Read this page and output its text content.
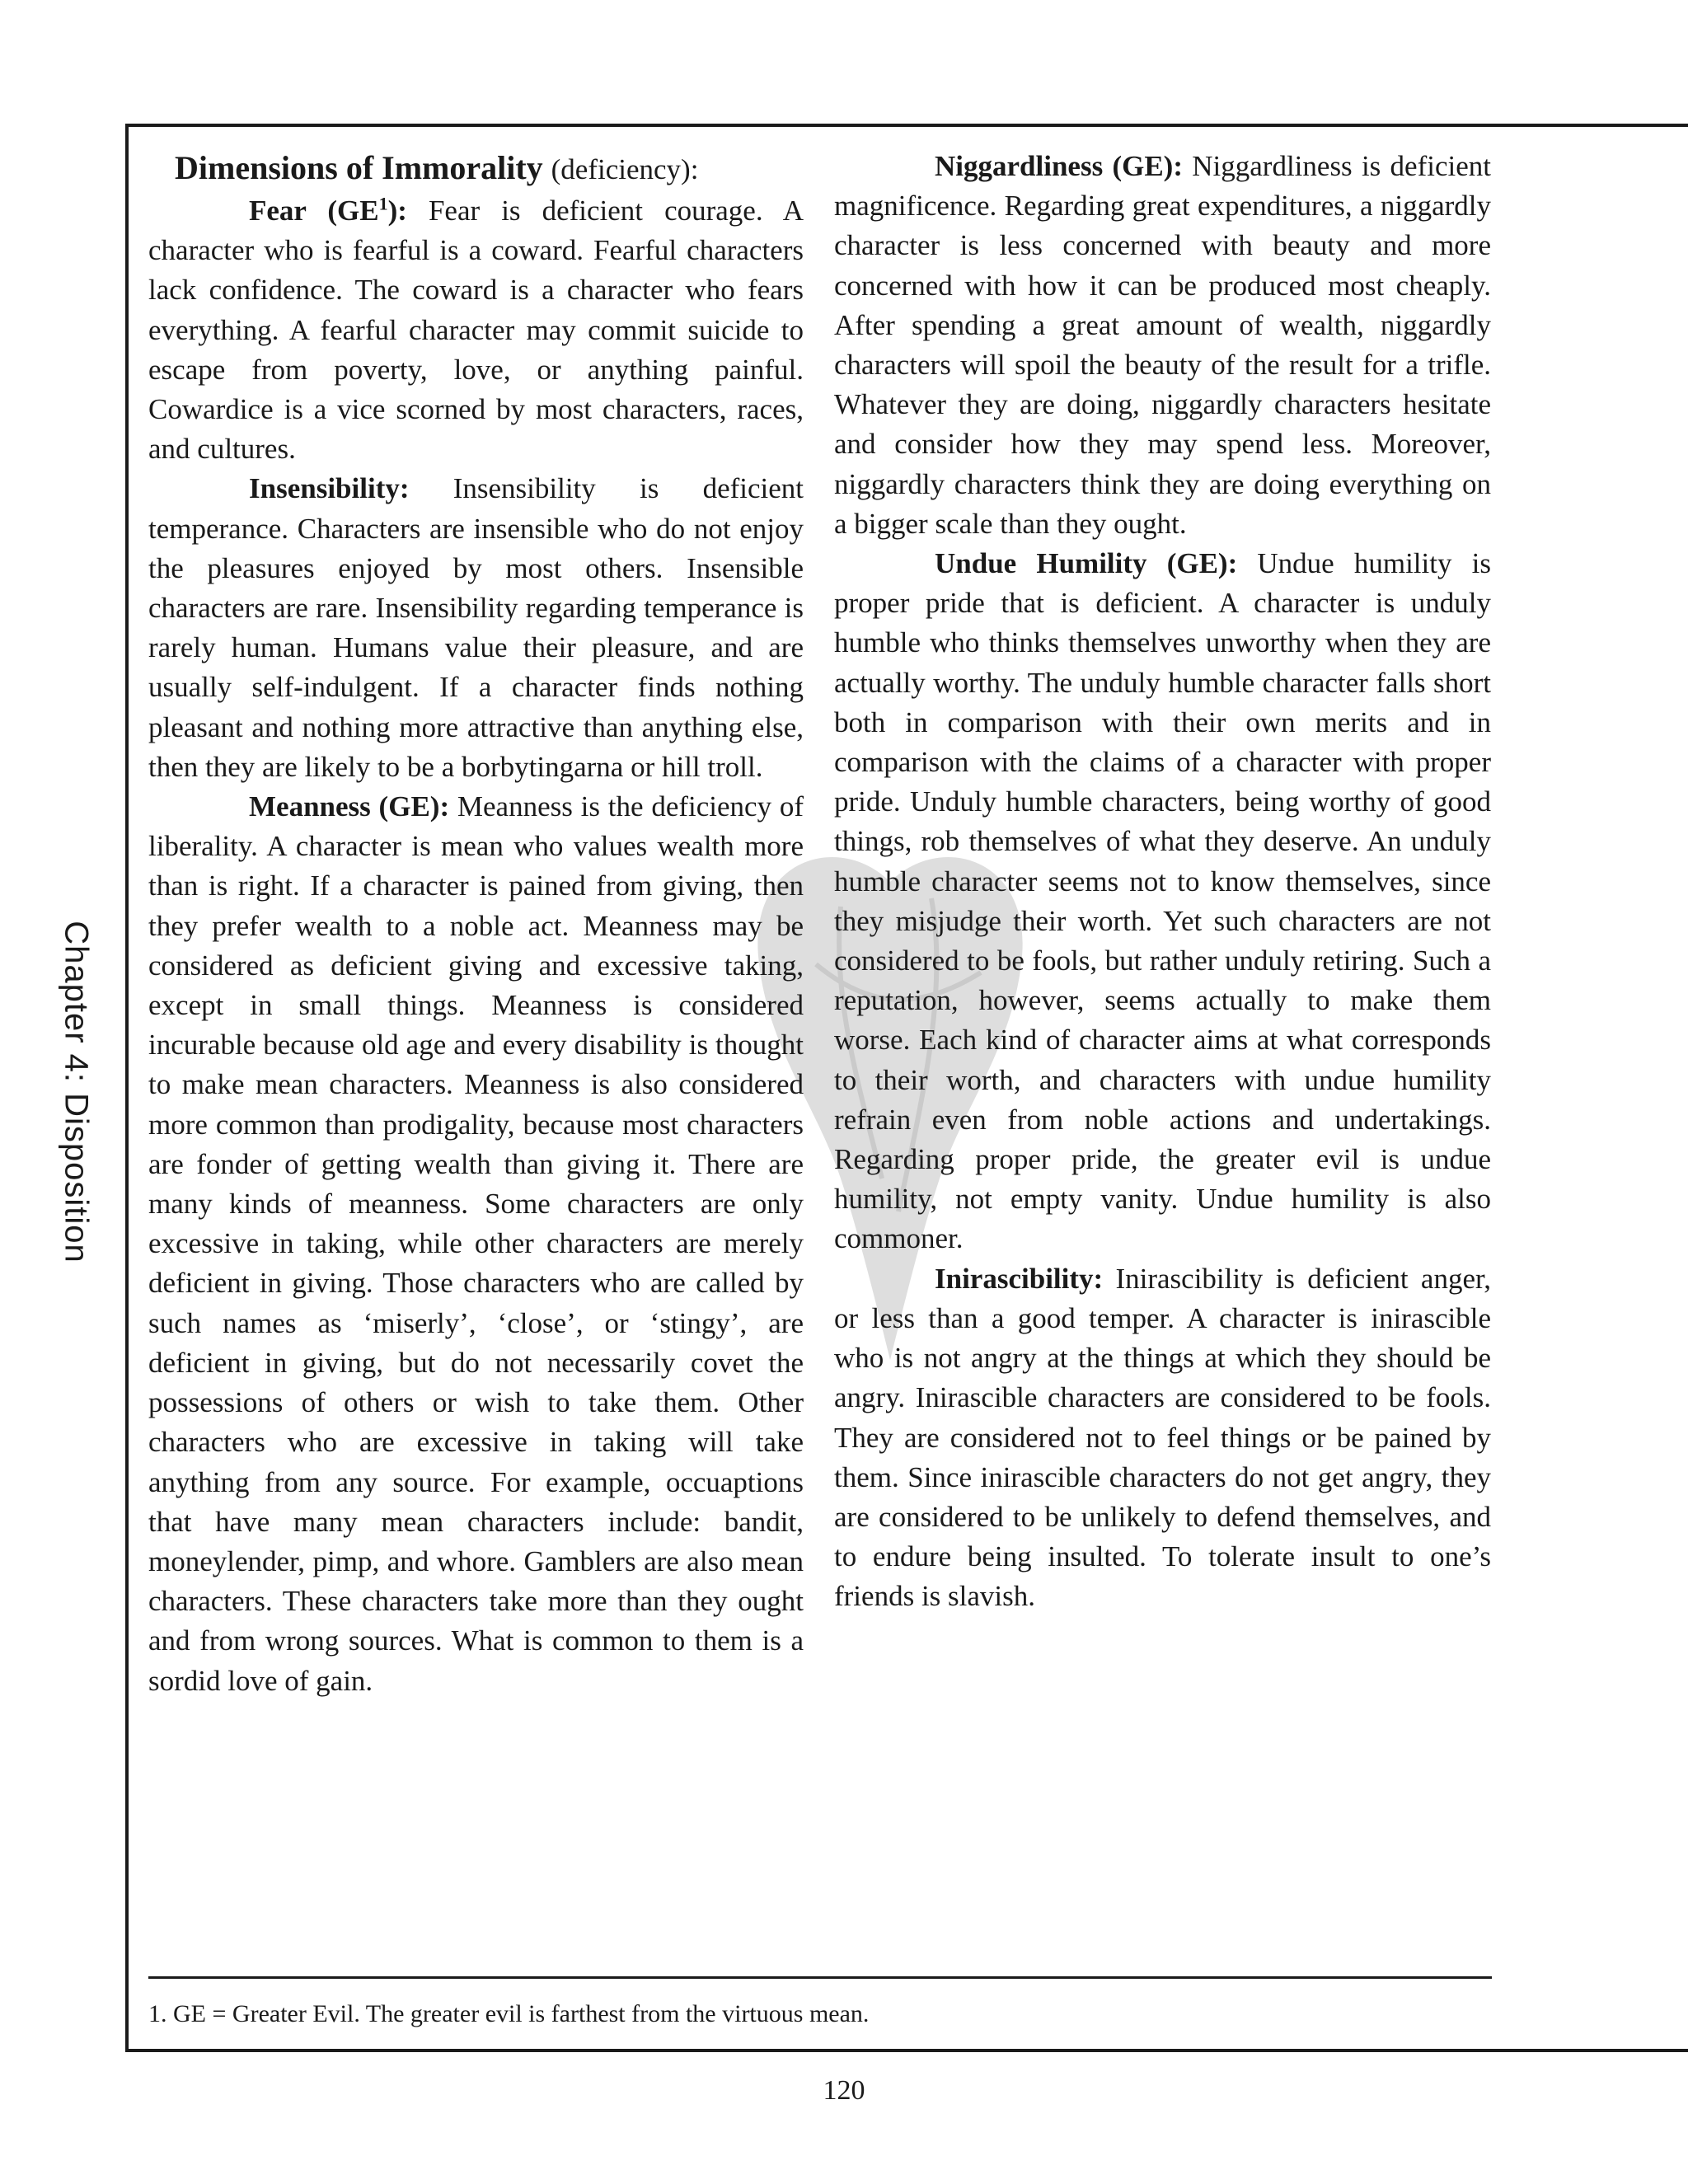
Chapter 4: Disposition
Dimensions of Immorality (deficiency):

Fear $(GE^1)$: Fear is deficient courage. A character who is fearful is a coward. Fearful characters lack confidence. The coward is a character who fears everything. A fearful character may commit suicide to escape from poverty, love, or anything painful. Cowardice is a vice scorned by most characters, races, and cultures.

Insensibility: Insensibility is deficient temperance. Characters are insensible who do not enjoy the pleasures enjoyed by most others. Insensible characters are rare. Insensibility regarding temperance is rarely human. Humans value their pleasure, and are usually self-indulgent. If a character finds nothing pleasant and nothing more attractive than anything else, then they are likely to be a borbytingarna or hill troll.

Meanness (GE): Meanness is the deficiency of liberality. A character is mean who values wealth more than is right. If a character is pained from giving, then they prefer wealth to a noble act. Meanness may be considered as deficient giving and excessive taking, except in small things. Meanness is considered incurable because old age and every disability is thought to make mean characters. Meanness is also considered more common than prodigality, because most characters are fonder of getting wealth than giving it. There are many kinds of meanness. Some characters are only excessive in taking, while other characters are merely deficient in giving. Those characters who are called by such names as ‘miserly’, ‘close’, or ‘stingy’, are deficient in giving, but do not necessarily covet the possessions of others or wish to take them. Other characters who are excessive in taking will take anything from any source. For example, occuaptions that have many mean characters include: bandit, moneylender, pimp, and whore. Gamblers are also mean characters. These characters take more than they ought and from wrong sources. What is common to them is a sordid love of gain.

Niggardliness (GE): Niggardliness is deficient magnificence. Regarding great expenditures, a niggardly character is less concerned with beauty and more concerned with how it can be produced most cheaply. After spending a great amount of wealth, niggardly characters will spoil the beauty of the result for a trifle. Whatever they are doing, niggardly characters hesitate and consider how they may spend less. Moreover, niggardly characters think they are doing everything on a bigger scale than they ought.

Undue Humility (GE): Undue humility is proper pride that is deficient. A character is unduly humble who thinks themselves unworthy when they are actually worthy. The unduly humble character falls short both in comparison with their own merits and in comparison with the claims of a character with proper pride. Unduly humble characters, being worthy of good things, rob themselves of what they deserve. An unduly humble character seems not to know themselves, since they misjudge their worth. Yet such characters are not considered to be fools, but rather unduly retiring. Such a reputation, however, seems actually to make them worse. Each kind of character aims at what corresponds to their worth, and characters with undue humility refrain even from noble actions and undertakings. Regarding proper pride, the greater evil is undue humility, not empty vanity. Undue humility is also commoner.

Inirascibility: Inirascibility is deficient anger, or less than a good temper. A character is inirascible who is not angry at the things at which they should be angry. Inirascible characters are considered to be fools. They are considered not to feel things or be pained by them. Since inirascible characters do not get angry, they are considered to be unlikely to defend themselves, and to endure being insulted. To tolerate insult to one’s friends is slavish.

1. GE = Greater Evil. The greater evil is farthest from the virtuous mean.
120
